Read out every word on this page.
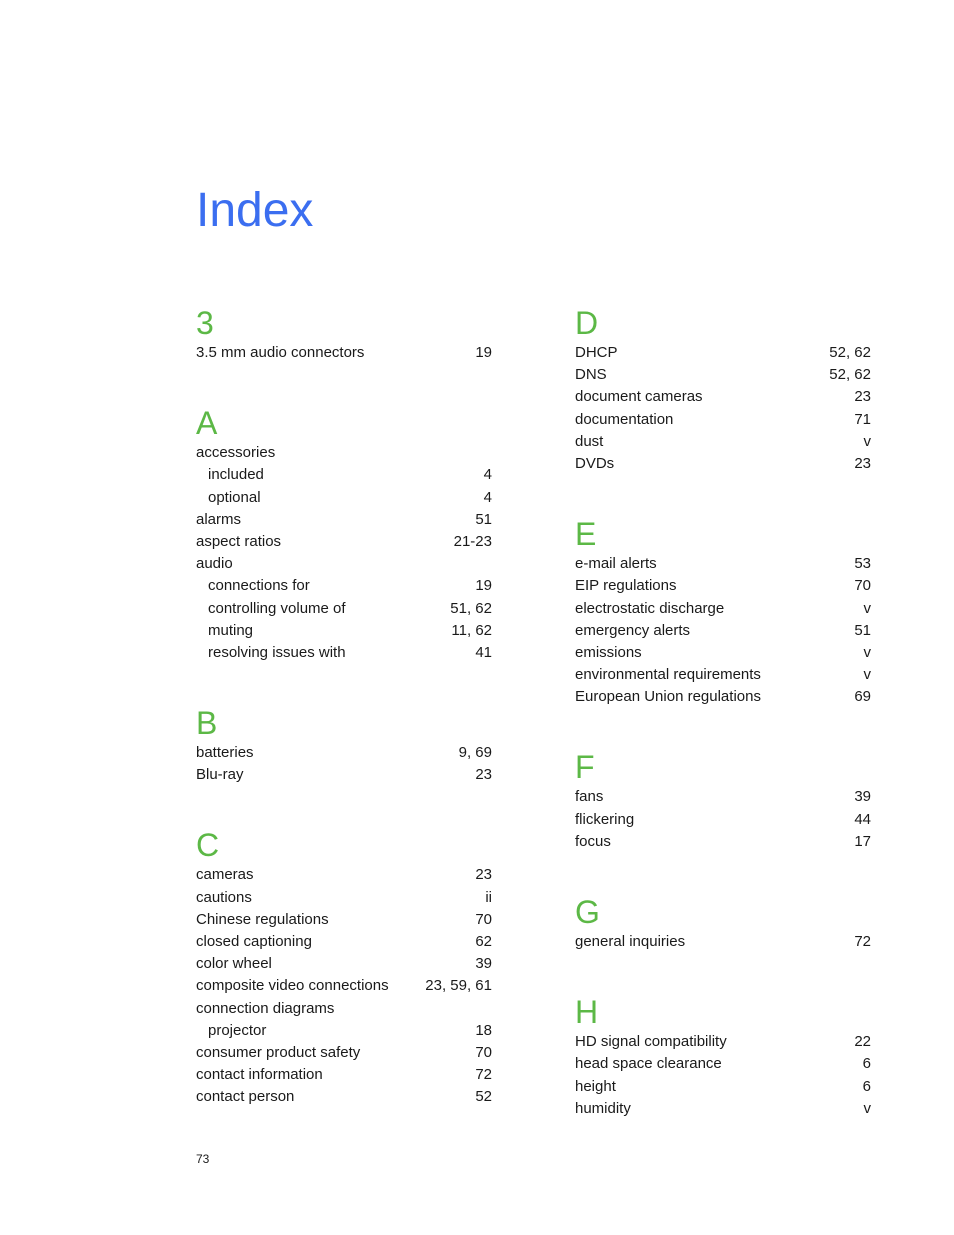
Index
3
3.5 mm audio connectors	19
A
accessories
included	4
optional	4
alarms	51
aspect ratios	21-23
audio
connections for	19
controlling volume of	51, 62
muting	11, 62
resolving issues with	41
B
batteries	9, 69
Blu-ray	23
C
cameras	23
cautions	ii
Chinese regulations	70
closed captioning	62
color wheel	39
composite video connections 23, 59, 61
connection diagrams
projector	18
consumer product safety	70
contact information	72
contact person	52
D
DHCP	52, 62
DNS	52, 62
document cameras	23
documentation	71
dust	v
DVDs	23
E
e-mail alerts	53
EIP regulations	70
electrostatic discharge	v
emergency alerts	51
emissions	v
environmental requirements	v
European Union regulations	69
F
fans	39
flickering	44
focus	17
G
general inquiries	72
H
HD signal compatibility	22
head space clearance	6
height	6
humidity	v
73
